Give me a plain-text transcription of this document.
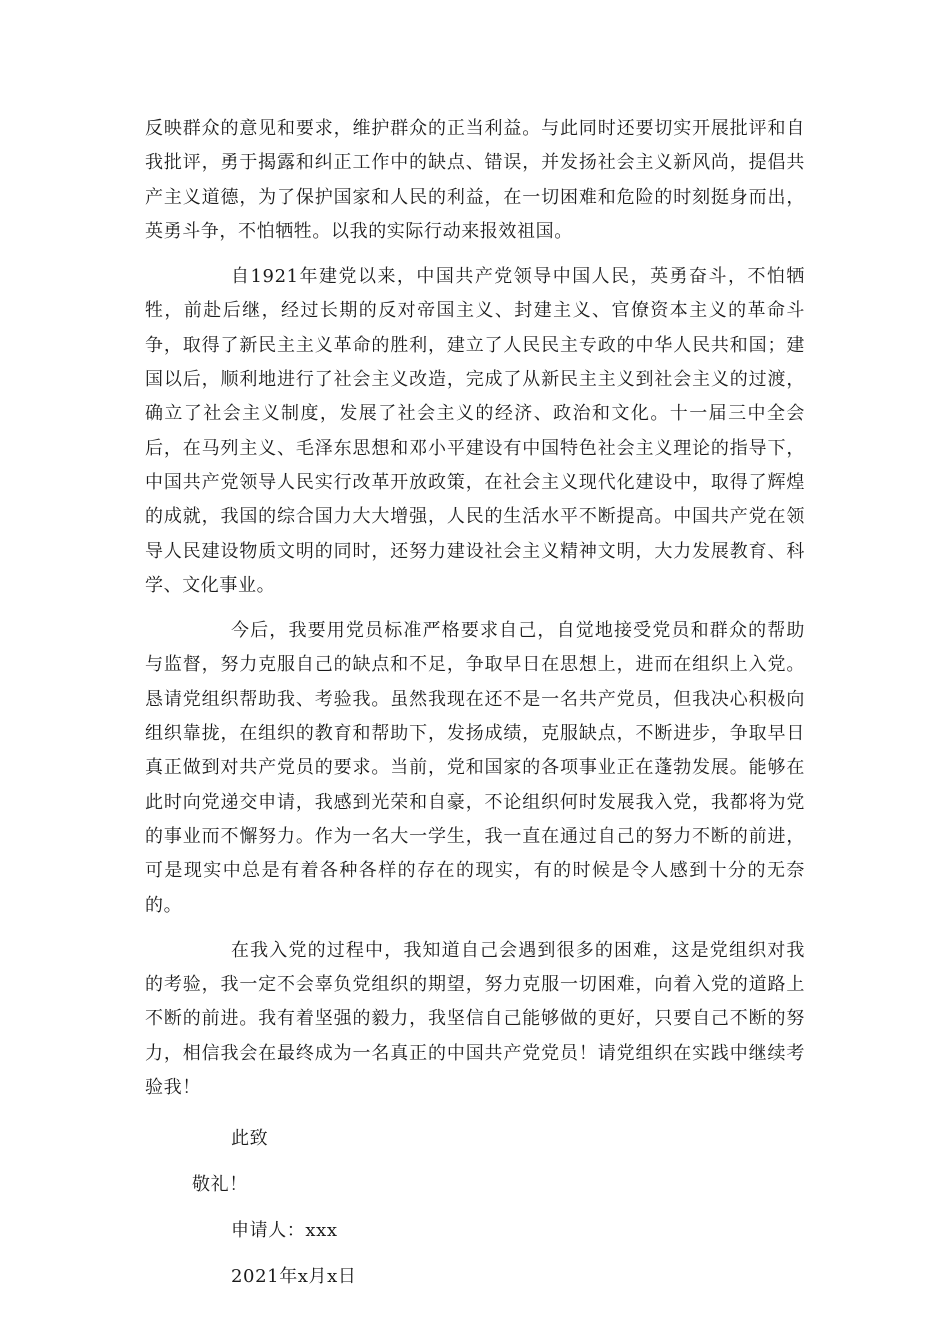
反映群众的意见和要求，维护群众的正当利益。与此同时还要切实开展批评和自我批评，勇于揭露和纠正工作中的缺点、错误，并发扬社会主义新风尚，提倡共产主义道德，为了保护国家和人民的利益，在一切困难和危险的时刻挺身而出，英勇斗争，不怕牺牲。以我的实际行动来报效祖国。

自1921年建党以来，中国共产党领导中国人民，英勇奋斗，不怕牺牲，前赴后继，经过长期的反对帝国主义、封建主义、官僚资本主义的革命斗争，取得了新民主主义革命的胜利，建立了人民民主专政的中华人民共和国；建国以后，顺利地进行了社会主义改造，完成了从新民主主义到社会主义的过渡，确立了社会主义制度，发展了社会主义的经济、政治和文化。十一届三中全会后，在马列主义、毛泽东思想和邓小平建设有中国特色社会主义理论的指导下，中国共产党领导人民实行改革开放政策，在社会主义现代化建设中，取得了辉煌的成就，我国的综合国力大大增强，人民的生活水平不断提高。中国共产党在领导人民建设物质文明的同时，还努力建设社会主义精神文明，大力发展教育、科学、文化事业。

今后，我要用党员标准严格要求自己，自觉地接受党员和群众的帮助与监督，努力克服自己的缺点和不足，争取早日在思想上，进而在组织上入党。恳请党组织帮助我、考验我。虽然我现在还不是一名共产党员，但我决心积极向组织靠拢，在组织的教育和帮助下，发扬成绩，克服缺点，不断进步，争取早日真正做到对共产党员的要求。当前，党和国家的各项事业正在蓬勃发展。能够在此时向党递交申请，我感到光荣和自豪，不论组织何时发展我入党，我都将为党的事业而不懈努力。作为一名大一学生，我一直在通过自己的努力不断的前进，可是现实中总是有着各种各样的存在的现实，有的时候是令人感到十分的无奈的。

在我入党的过程中，我知道自己会遇到很多的困难，这是党组织对我的考验，我一定不会辜负党组织的期望，努力克服一切困难，向着入党的道路上不断的前进。我有着坚强的毅力，我坚信自己能够做的更好，只要自己不断的努力，相信我会在最终成为一名真正的中国共产党党员！请党组织在实践中继续考验我！

此致

敬礼！

申请人：xxx

2021年x月x日
